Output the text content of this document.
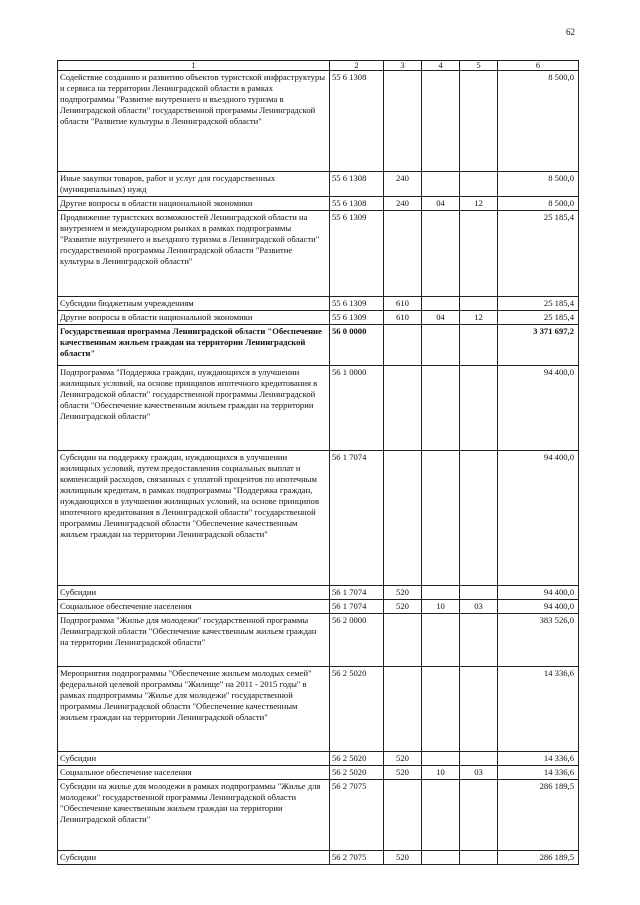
62
1	2	3	4	5	6
Содействие созданию и развитию объектов туристской инфраструктуры и сервиса на территории Ленинградской области в рамках подпрограммы "Развитие внутреннего и въездного туризма в Ленинградской области" государственной программы Ленинградской области "Развитие культуры в Ленинградской области"	55 6 1308				8 500,0
Иные закупки товаров, работ и услуг для государственных (муниципальных) нужд	55 6 1308	240			8 500,0
Другие вопросы в области национальной экономики	55 6 1308	240	04	12	8 500,0
Продвижение туристских возможностей Ленинградской области на внутреннем и международном рынках в рамках подпрограммы "Развитие внутреннего и въездного туризма в Ленинградской области" государственной программы Ленинградской области "Развитие культуры в Ленинградской области"	55 6 1309				25 185,4
Субсидии бюджетным учреждениям	55 6 1309	610			25 185,4
Другие вопросы в области национальной экономики	55 6 1309	610	04	12	25 185,4
Государственная программа Ленинградской области "Обеспечение качественным жильем граждан на территории Ленинградской области"	56 0 0000				3 371 697,2
Подпрограмма "Поддержка граждан, нуждающихся в улучшении жилищных условий, на основе принципов ипотечного кредитования в Ленинградской области" государственной программы Ленинградской области "Обеспечение качественным жильем граждан на территории Ленинградской области"	56 1 0000				94 400,0
Субсидии на поддержку граждан, нуждающихся в улучшении жилищных условий, путем предоставления социальных выплат и компенсаций расходов, связанных с уплатой процентов по ипотечным жилищным кредитам, в рамках подпрограммы "Поддержка граждан, нуждающихся в улучшении жилищных условий, на основе принципов ипотечного кредитования в Ленинградской области" государственной программы Ленинградской области "Обеспечение качественным жильем граждан на территории Ленинградской области"	56 1 7074				94 400,0
Субсидии	56 1 7074	520			94 400,0
Социальное обеспечение населения	56 1 7074	520	10	03	94 400,0
Подпрограмма "Жилье для молодежи" государственной программы Ленинградской области "Обеспечение качественным жильем граждан на территории Ленинградской области"	56 2 0000				383 526,0
Мероприятия подпрограммы "Обеспечение жильем молодых семей" федеральной целевой программы "Жилище" на 2011 - 2015 годы" в рамках подпрограммы "Жилье для молодежи" государственной программы Ленинградской области "Обеспечение качественным жильем граждан на территории Ленинградской области"	56 2 5020				14 336,6
Субсидии	56 2 5020	520			14 336,6
Социальное обеспечение населения	56 2 5020	520	10	03	14 336,6
Субсидии на жилье для молодежи в рамках подпрограммы "Жилье для молодежи" государственной программы Ленинградской области "Обеспечение качественным жильем граждан на территории Ленинградской области"	56 2 7075				286 189,5
Субсидии	56 2 7075	520			286 189,5
